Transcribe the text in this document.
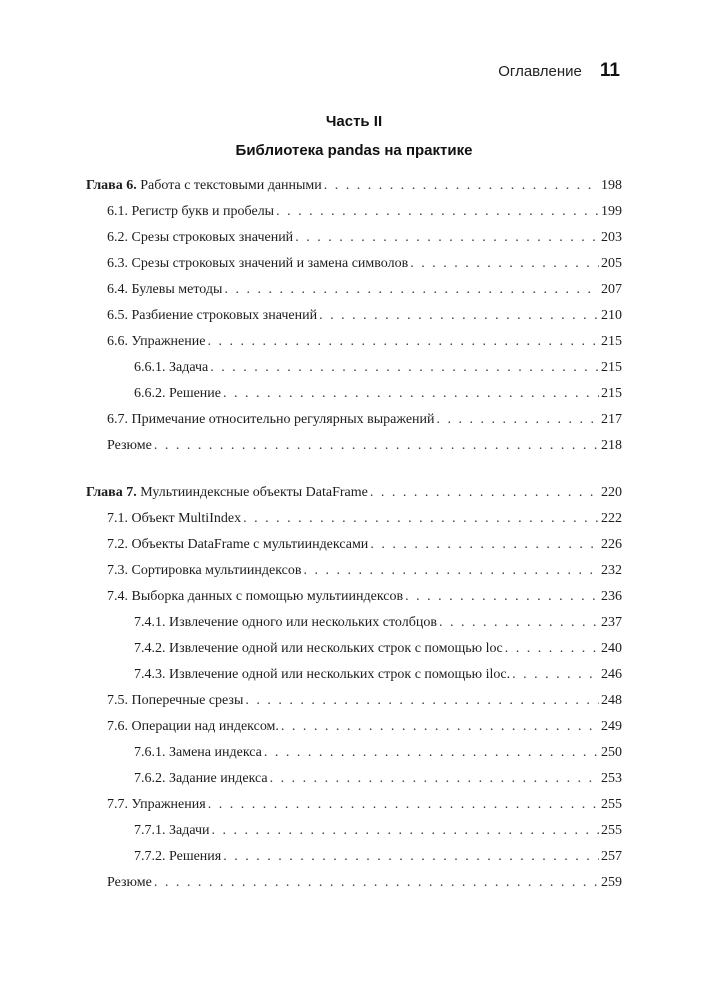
Оглавление 11
Часть II
Библиотека pandas на практике
Глава 6. Работа с текстовыми данными . . .	198
6.1. Регистр букв и пробелы . . .	199
6.2. Срезы строковых значений . . .	203
6.3. Срезы строковых значений и замена символов . . .	205
6.4. Булевы методы . . .	207
6.5. Разбиение строковых значений . . .	210
6.6. Упражнение . . .	215
6.6.1. Задача . . .	215
6.6.2. Решение . . .	215
6.7. Примечание относительно регулярных выражений . . .	217
Резюме . . .	218
Глава 7. Мультииндексные объекты DataFrame . . .	220
7.1. Объект MultiIndex . . .	222
7.2. Объекты DataFrame с мультииндексами . . .	226
7.3. Сортировка мультииндексов . . .	232
7.4. Выборка данных с помощью мультииндексов . . .	236
7.4.1. Извлечение одного или нескольких столбцов . . .	237
7.4.2. Извлечение одной или нескольких строк с помощью loc . . .	240
7.4.3. Извлечение одной или нескольких строк с помощью iloc. . . .	246
7.5. Поперечные срезы . . .	248
7.6. Операции над индексом. . . .	249
7.6.1. Замена индекса . . .	250
7.6.2. Задание индекса . . .	253
7.7. Упражнения . . .	255
7.7.1. Задачи . . .	255
7.7.2. Решения . . .	257
Резюме . . .	259
